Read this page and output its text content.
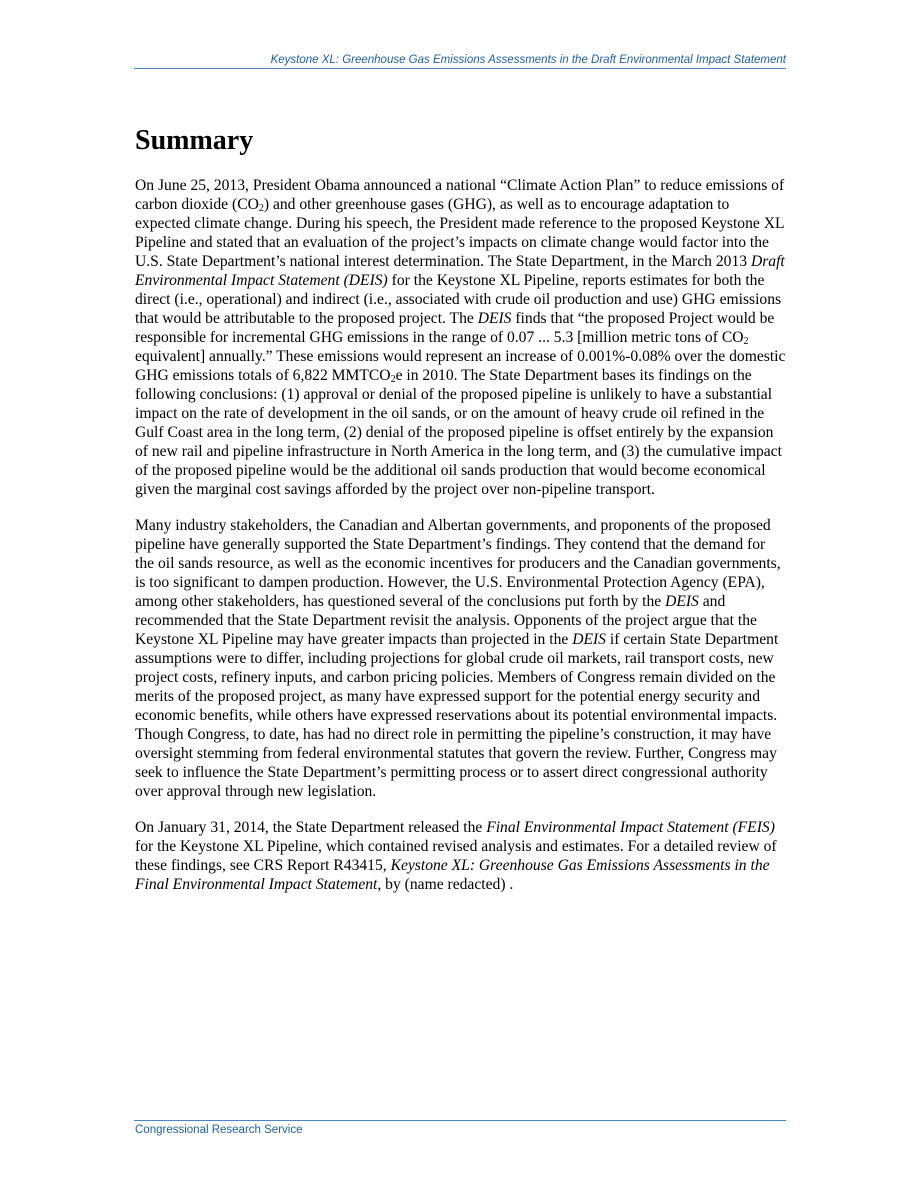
Keystone XL: Greenhouse Gas Emissions Assessments in the Draft Environmental Impact Statement
Summary

On June 25, 2013, President Obama announced a national “Climate Action Plan” to reduce emissions of carbon dioxide $(CO_2)$ and other greenhouse gases (GHG), as well as to encourage adaptation to expected climate change. During his speech, the President made reference to the proposed Keystone XL Pipeline and stated that an evaluation of the project’s impacts on climate change would factor into the U.S. State Department’s national interest determination. The State Department, in the March 2013 Draft Environmental Impact Statement (DEIS) for the Keystone XL Pipeline, reports estimates for both the direct (i.e., operational) and indirect (i.e., associated with crude oil production and use) GHG emissions that would be attributable to the proposed project. The DEIS finds that “the proposed Project would be responsible for incremental GHG emissions in the range of 0.07 ... 5.3 [million metric tons of $CO_2$ equivalent] annually.” These emissions would represent an increase of 0.001%-0.08% over the domestic GHG emissions totals of 6,822 $MMTCO_2e$ in 2010. The State Department bases its findings on the following conclusions: (1) approval or denial of the proposed pipeline is unlikely to have a substantial impact on the rate of development in the oil sands, or on the amount of heavy crude oil refined in the Gulf Coast area in the long term, (2) denial of the proposed pipeline is offset entirely by the expansion of new rail and pipeline infrastructure in North America in the long term, and (3) the cumulative impact of the proposed pipeline would be the additional oil sands production that would become economical given the marginal cost savings afforded by the project over non-pipeline transport.

Many industry stakeholders, the Canadian and Albertan governments, and proponents of the proposed pipeline have generally supported the State Department’s findings. They contend that the demand for the oil sands resource, as well as the economic incentives for producers and the Canadian governments, is too significant to dampen production. However, the U.S. Environmental Protection Agency (EPA), among other stakeholders, has questioned several of the conclusions put forth by the DEIS and recommended that the State Department revisit the analysis. Opponents of the project argue that the Keystone XL Pipeline may have greater impacts than projected in the DEIS if certain State Department assumptions were to differ, including projections for global crude oil markets, rail transport costs, new project costs, refinery inputs, and carbon pricing policies. Members of Congress remain divided on the merits of the proposed project, as many have expressed support for the potential energy security and economic benefits, while others have expressed reservations about its potential environmental impacts. Though Congress, to date, has had no direct role in permitting the pipeline’s construction, it may have oversight stemming from federal environmental statutes that govern the review. Further, Congress may seek to influence the State Department’s permitting process or to assert direct congressional authority over approval through new legislation.

On January 31, 2014, the State Department released the Final Environmental Impact Statement (FEIS) for the Keystone XL Pipeline, which contained revised analysis and estimates. For a detailed review of these findings, see CRS Report R43415, Keystone XL: Greenhouse Gas Emissions Assessments in the Final Environmental Impact Statement, by (name redacted) .

Congressional Research Service
